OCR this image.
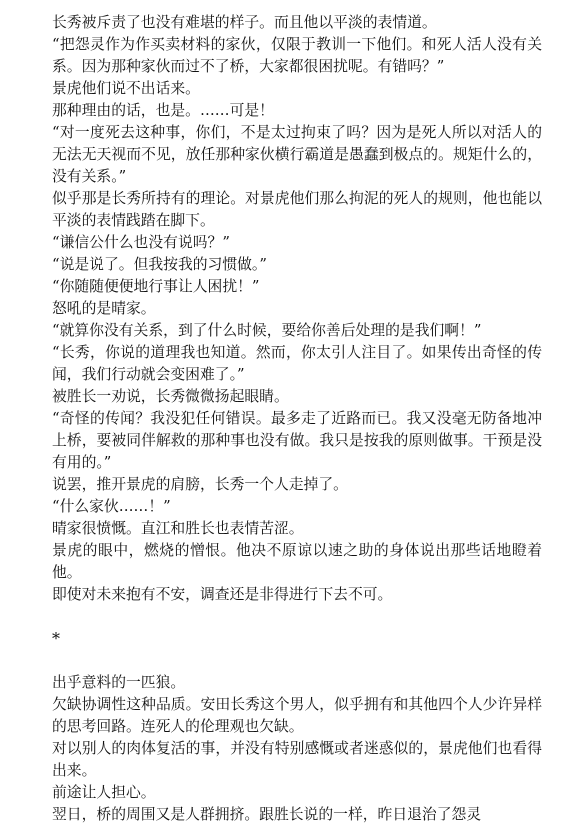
长秀被斥责了也没有难堪的样子。而且他以平淡的表情道。

“把怨灵作为作买卖材料的家伙，仅限于教训一下他们。和死人活人没有关系。因为那种家伙而过不了桥，大家都很困扰呢。有错吗？”

景虎他们说不出话来。

那种理由的话，也是。……可是！

“对一度死去这种事，你们，不是太过拘束了吗？因为是死人所以对活人的无法无天视而不见，放任那种家伙横行霸道是愚蠢到极点的。规矩什么的，没有关系。”

似乎那是长秀所持有的理论。对景虎他们那么拘泥的死人的规则，他也能以平淡的表情践踏在脚下。

“谦信公什么也没有说吗？”

“说是说了。但我按我的习惯做。”

“你随随便便地行事让人困扰！”

怒吼的是晴家。

“就算你没有关系，到了什么时候，要给你善后处理的是我们啊！”

“长秀，你说的道理我也知道。然而，你太引人注目了。如果传出奇怪的传闻，我们行动就会变困难了。”

被胜长一劝说，长秀微微扬起眼睛。

“奇怪的传闻？我没犯任何错误。最多走了近路而已。我又没毫无防备地冲上桥，要被同伴解救的那种事也没有做。我只是按我的原则做事。干预是没有用的。”

说罢，推开景虎的肩膀，长秀一个人走掉了。

“什么家伙……！”

晴家很愤慨。直江和胜长也表情苦涩。

景虎的眼中，燃烧的憎恨。他决不原谅以速之助的身体说出那些话地瞪着他。

即使对未来抱有不安，调查还是非得进行下去不可。

*

出乎意料的一匹狼。

欠缺协调性这种品质。安田长秀这个男人，似乎拥有和其他四个人少许异样的思考回路。连死人的伦理观也欠缺。

对以别人的肉体复活的事，并没有特别感慨或者迷惑似的，景虎他们也看得出来。

前途让人担心。

翌日，桥的周围又是人群拥挤。跟胜长说的一样，昨日退治了怨灵
